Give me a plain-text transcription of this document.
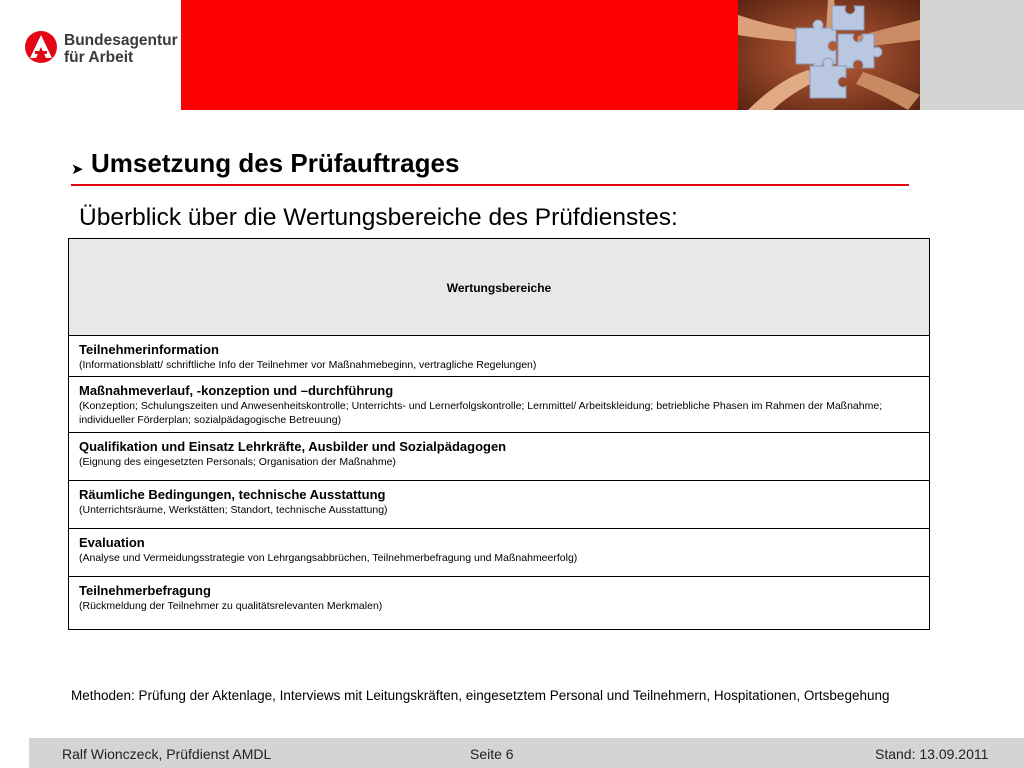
Bundesagentur
für Arbeit
➤ Umsetzung des Prüfauftrages
Überblick über die Wertungsbereiche des Prüfdienstes:
Wertungsbereiche
Teilnehmerinformation
(Informationsblatt/ schriftliche Info der Teilnehmer vor Maßnahmebeginn, vertragliche Regelungen)
Maßnahmeverlauf, -konzeption und –durchführung
(Konzeption; Schulungszeiten und Anwesenheitskontrolle; Unterrichts- und Lernerfolgskontrolle; Lernmittel/ Arbeitskleidung; betriebliche Phasen im Rahmen der Maßnahme; individueller Förderplan; sozialpädagogische Betreuung)
Qualifikation und Einsatz Lehrkräfte, Ausbilder und Sozialpädagogen
(Eignung des eingesetzten Personals; Organisation der Maßnahme)
Räumliche Bedingungen, technische Ausstattung
(Unterrichtsräume, Werkstätten; Standort, technische Ausstattung)
Evaluation
(Analyse und Vermeidungsstrategie von Lehrgangsabbrüchen, Teilnehmerbefragung und Maßnahmeerfolg)
Teilnehmerbefragung
(Rückmeldung der Teilnehmer zu qualitätsrelevanten Merkmalen)
Methoden: Prüfung der Aktenlage, Interviews mit Leitungskräften, eingesetztem Personal und Teilnehmern, Hospitationen, Ortsbegehung
Ralf Wionczeck, Prüfdienst AMDL	Seite 6	Stand: 13.09.2011
